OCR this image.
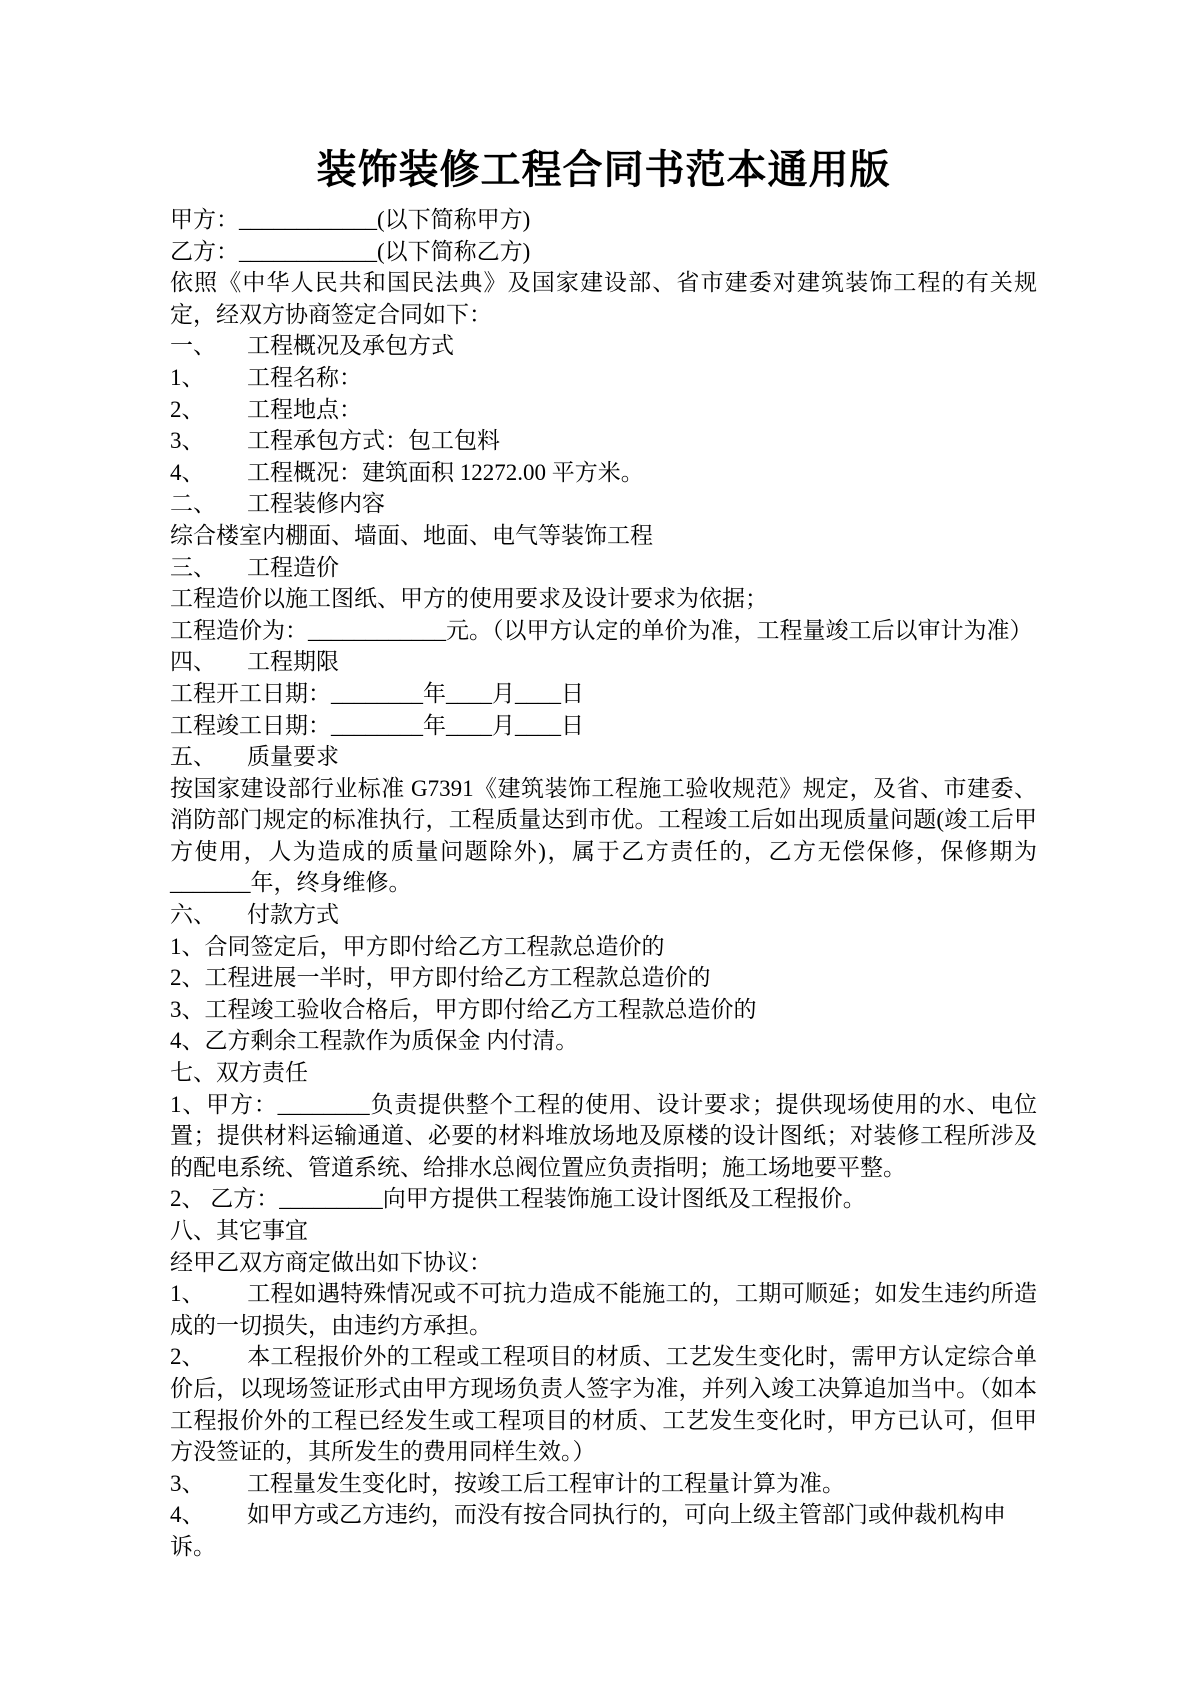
装饰装修工程合同书范本通用版

甲方：____________(以下简称甲方)

乙方：____________(以下简称乙方)

依照《中华人民共和国民法典》及国家建设部、省市建委对建筑装饰工程的有关规定，经双方协商签定合同如下：

一、 工程概况及承包方式

1、 工程名称：

2、 工程地点：

3、 工程承包方式：包工包料

4、 工程概况：建筑面积 12272.00 平方米。

二、 工程装修内容

综合楼室内棚面、墙面、地面、电气等装饰工程

三、 工程造价

工程造价以施工图纸、甲方的使用要求及设计要求为依据；

工程造价为：____________元。（以甲方认定的单价为准，工程量竣工后以审计为准）

四、 工程期限

工程开工日期：________年____月____日

工程竣工日期：________年____月____日

五、 质量要求

按国家建设部行业标准 G7391《建筑装饰工程施工验收规范》规定，及省、市建委、消防部门规定的标准执行，工程质量达到市优。工程竣工后如出现质量问题(竣工后甲方使用，人为造成的质量问题除外)，属于乙方责任的，乙方无偿保修，保修期为_______年，终身维修。

六、 付款方式

1、合同签定后，甲方即付给乙方工程款总造价的

2、工程进展一半时，甲方即付给乙方工程款总造价的

3、工程竣工验收合格后，甲方即付给乙方工程款总造价的

4、乙方剩余工程款作为质保金 内付清。

七、双方责任

1、甲方：________负责提供整个工程的使用、设计要求；提供现场使用的水、电位置；提供材料运输通道、必要的材料堆放场地及原楼的设计图纸；对装修工程所涉及的配电系统、管道系统、给排水总阀位置应负责指明；施工场地要平整。

2、 乙方：_________向甲方提供工程装饰施工设计图纸及工程报价。

八、其它事宜

经甲乙双方商定做出如下协议：

1、 工程如遇特殊情况或不可抗力造成不能施工的，工期可顺延；如发生违约所造成的一切损失，由违约方承担。

2、 本工程报价外的工程或工程项目的材质、工艺发生变化时，需甲方认定综合单价后，以现场签证形式由甲方现场负责人签字为准，并列入竣工决算追加当中。（如本工程报价外的工程已经发生或工程项目的材质、工艺发生变化时，甲方已认可，但甲方没签证的，其所发生的费用同样生效。）

3、 工程量发生变化时，按竣工后工程审计的工程量计算为准。

4、 如甲方或乙方违约，而没有按合同执行的，可向上级主管部门或仲裁机构申诉。
